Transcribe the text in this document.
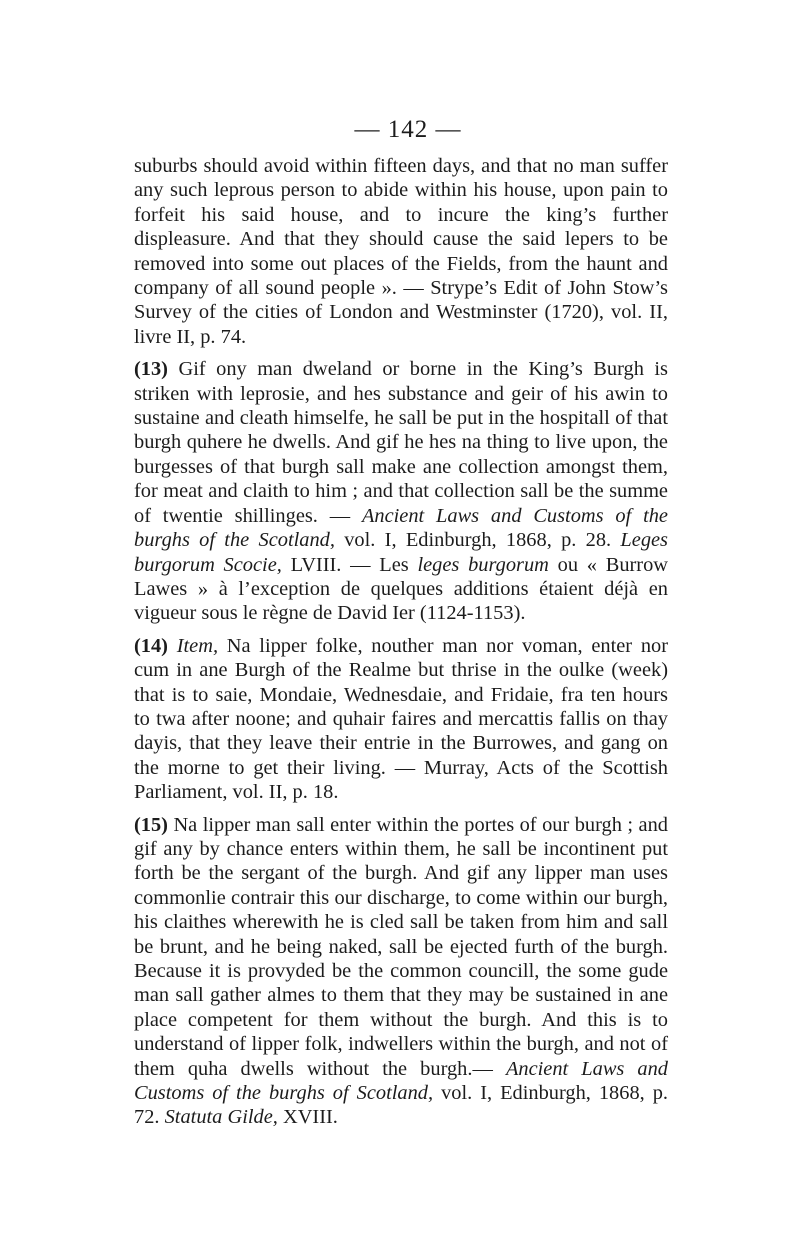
— 142 —

suburbs should avoid within fifteen days, and that no man suffer any such leprous person to abide within his house, upon pain to forfeit his said house, and to incure the king’s further displeasure. And that they should cause the said lepers to be removed into some out places of the Fields, from the haunt and company of all sound people ». — Strype’s Edit of John Stow’s Survey of the cities of London and Westminster (1720), vol. II, livre II, p. 74.

(13) Gif ony man dweland or borne in the King’s Burgh is striken with leprosie, and hes substance and geir of his awin to sustaine and cleath himselfe, he sall be put in the hospitall of that burgh quhere he dwells. And gif he hes na thing to live upon, the burgesses of that burgh sall make ane collection amongst them, for meat and claith to him ; and that collection sall be the summe of twentie shillinges. — Ancient Laws and Customs of the burghs of the Scotland, vol. I, Edinburgh, 1868, p. 28. Leges burgorum Scocie, LVIII. — Les leges burgorum ou « Burrow Lawes » à l’exception de quelques additions étaient déjà en vigueur sous le règne de David Ier (1124-1153).

(14) Item, Na lipper folke, nouther man nor voman, enter nor cum in ane Burgh of the Realme but thrise in the oulke (week) that is to saie, Mondaie, Wednesdaie, and Fridaie, fra ten hours to twa after noone; and quhair faires and mercattis fallis on thay dayis, that they leave their entrie in the Burrowes, and gang on the morne to get their living. — Murray, Acts of the Scottish Parliament, vol. II, p. 18.

(15) Na lipper man sall enter within the portes of our burgh ; and gif any by chance enters within them, he sall be incontinent put forth be the sergant of the burgh. And gif any lipper man uses commonlie contrair this our discharge, to come within our burgh, his claithes wherewith he is cled sall be taken from him and sall be brunt, and he being naked, sall be ejected furth of the burgh. Because it is provyded be the common councill, the some gude man sall gather almes to them that they may be sustained in ane place competent for them without the burgh. And this is to understand of lipper folk, indwellers within the burgh, and not of them quha dwells without the burgh.— Ancient Laws and Customs of the burghs of Scotland, vol. I, Edinburgh, 1868, p. 72. Statuta Gilde, XVIII.
